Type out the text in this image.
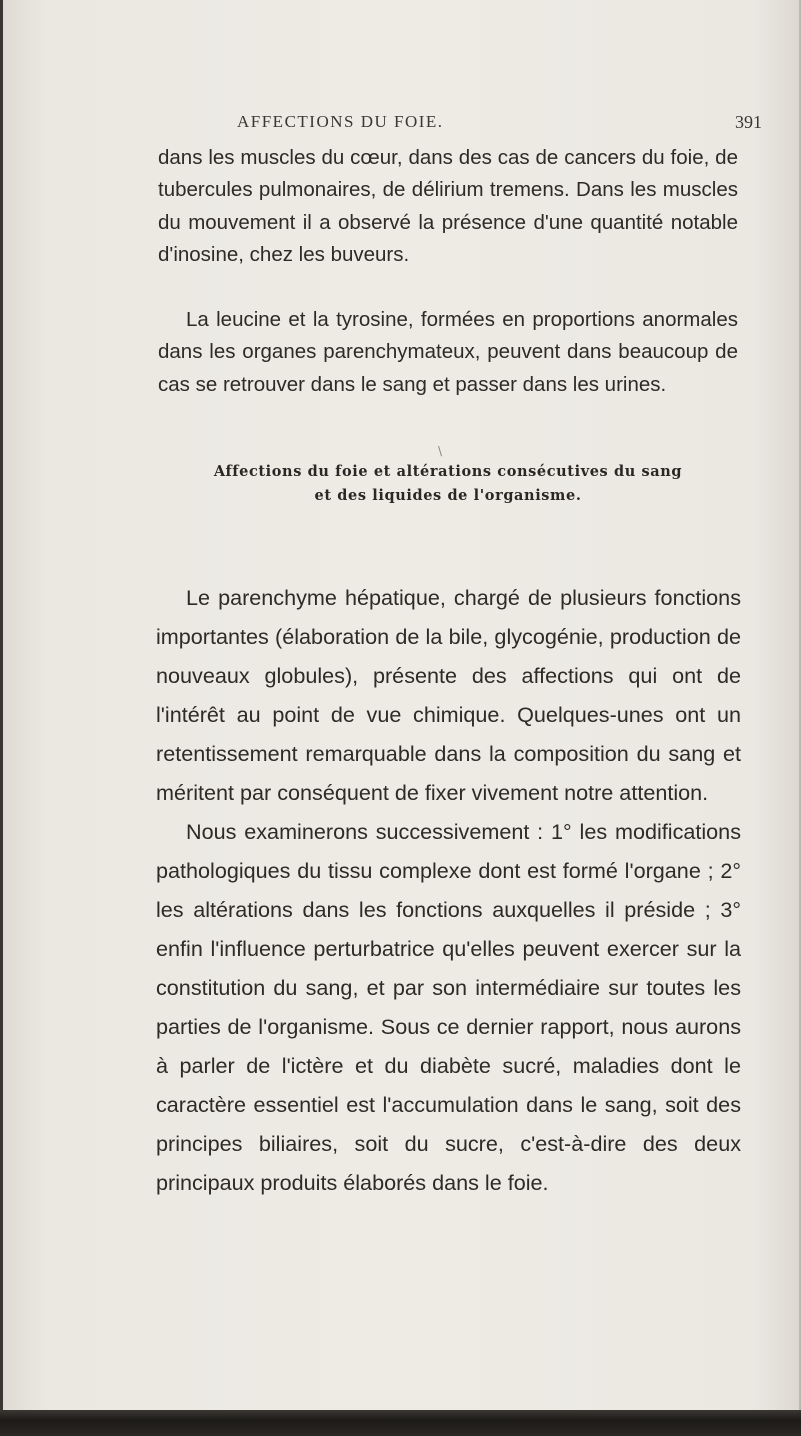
AFFECTIONS DU FOIE.	391

dans les muscles du cœur, dans des cas de cancers du foie, de tubercules pulmonaires, de délirium tremens. Dans les muscles du mouvement il a observé la présence d'une quantité notable d'inosine, chez les buveurs.

La leucine et la tyrosine, formées en proportions anormales dans les organes parenchymateux, peuvent dans beaucoup de cas se retrouver dans le sang et passer dans les urines.

\
Affections du foie et altérations consécutives du sang
et des liquides de l'organisme.

Le parenchyme hépatique, chargé de plusieurs fonctions importantes (élaboration de la bile, glycogénie, production de nouveaux globules), présente des affections qui ont de l'intérêt au point de vue chimique. Quelques-unes ont un retentissement remarquable dans la composition du sang et méritent par conséquent de fixer vivement notre attention.

Nous examinerons successivement : 1° les modifications pathologiques du tissu complexe dont est formé l'organe ; 2° les altérations dans les fonctions auxquelles il préside ; 3° enfin l'influence perturbatrice qu'elles peuvent exercer sur la constitution du sang, et par son intermédiaire sur toutes les parties de l'organisme. Sous ce dernier rapport, nous aurons à parler de l'ictère et du diabète sucré, maladies dont le caractère essentiel est l'accumulation dans le sang, soit des principes biliaires, soit du sucre, c'est-à-dire des deux principaux produits élaborés dans le foie.
